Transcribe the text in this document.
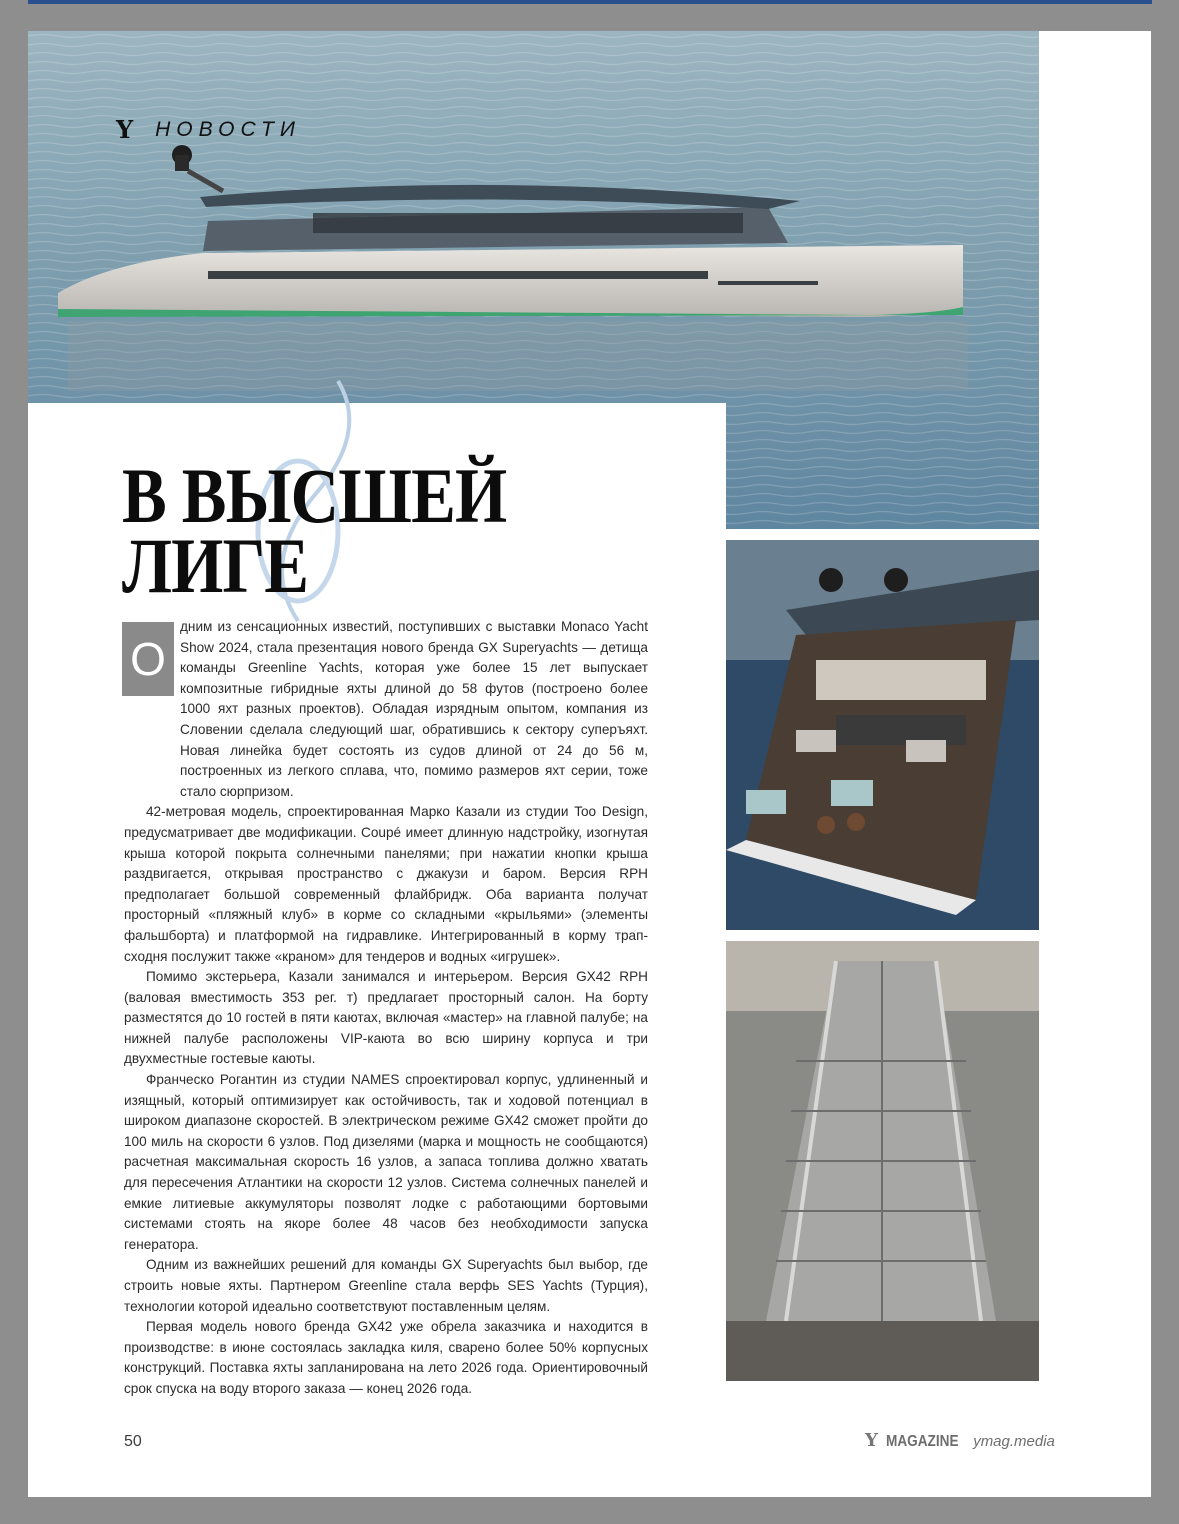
Y НОВОСТИ
В ВЫСШЕЙ
ЛИГЕ
О

дним из сенсационных известий, поступивших с выставки Monaco Yacht Show 2024, стала презентация нового бренда GX Superyachts — детища команды Greenline Yachts, которая уже более 15 лет выпускает композитные гибридные яхты длиной до 58 футов (построено более 1000 яхт разных проектов). Обладая изрядным опытом, компания из Словении сделала следующий шаг, обратившись к сектору суперъяхт. Новая линейка будет состоять из судов длиной от 24 до 56 м, построенных из легкого сплава, что, помимо размеров яхт серии, тоже стало сюрпризом.

42-метровая модель, спроектированная Марко Казали из студии Too Design, предусматривает две модификации. Coupé имеет длинную надстройку, изогнутая крыша которой покрыта солнечными панелями; при нажатии кнопки крыша раздвигается, открывая пространство с джакузи и баром. Версия RPH предполагает большой современный флайбридж. Оба варианта получат просторный «пляжный клуб» в корме со складными «крыльями» (элементы фальшборта) и платформой на гидравлике. Интегрированный в корму трап-сходня послужит также «краном» для тендеров и водных «игрушек».

Помимо экстерьера, Казали занимался и интерьером. Версия GX42 RPH (валовая вместимость 353 рег. т) предлагает просторный салон. На борту разместятся до 10 гостей в пяти каютах, включая «мастер» на главной палубе; на нижней палубе расположены VIP-каюта во всю ширину корпуса и три двухместные гостевые каюты.

Франческо Рогантин из студии NAMES спроектировал корпус, удлиненный и изящный, который оптимизирует как остойчивость, так и ходовой потенциал в широком диапазоне скоростей. В электрическом режиме GX42 сможет пройти до 100 миль на скорости 6 узлов. Под дизелями (марка и мощность не сообщаются) расчетная максимальная скорость 16 узлов, а запаса топлива должно хватать для пересечения Атлантики на скорости 12 узлов. Система солнечных панелей и емкие литиевые аккумуляторы позволят лодке с работающими бортовыми системами стоять на якоре более 48 часов без необходимости запуска генератора.

Одним из важнейших решений для команды GX Superyachts был выбор, где строить новые яхты. Партнером Greenline стала верфь SES Yachts (Турция), технологии которой идеально соответствуют поставленным целям.

Первая модель нового бренда GX42 уже обрела заказчика и находится в производстве: в июне состоялась закладка киля, сварено более 50% корпусных конструкций. Поставка яхты запланирована на лето 2026 года. Ориентировочный срок спуска на воду второго заказа — конец 2026 года.

50	Y MAGAZINE ymag.media
